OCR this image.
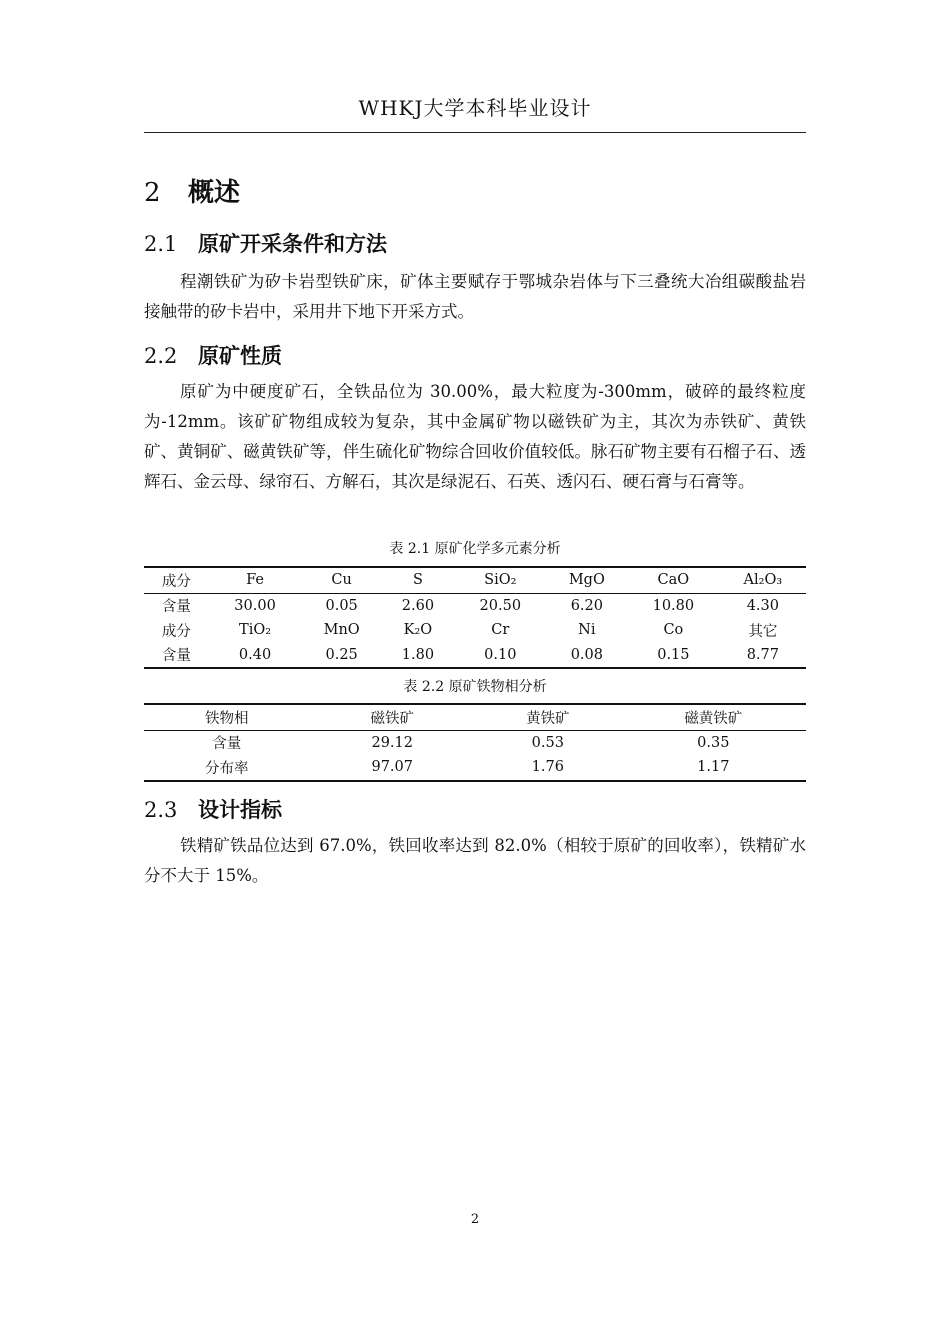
WHKJ大学本科毕业设计
2 概述
2.1 原矿开采条件和方法
程潮铁矿为矽卡岩型铁矿床，矿体主要赋存于鄂城杂岩体与下三叠统大冶组碳酸盐岩接触带的矽卡岩中，采用井下地下开采方式。
2.2 原矿性质
原矿为中硬度矿石，全铁品位为 30.00%，最大粒度为-300mm，破碎的最终粒度为-12mm。该矿矿物组成较为复杂，其中金属矿物以磁铁矿为主，其次为赤铁矿、黄铁矿、黄铜矿、磁黄铁矿等，伴生硫化矿物综合回收价值较低。脉石矿物主要有石榴子石、透辉石、金云母、绿帘石、方解石，其次是绿泥石、石英、透闪石、硬石膏与石膏等。
表 2.1 原矿化学多元素分析
成分	Fe	Cu	S	SiO₂	MgO	CaO	Al₂O₃
含量	30.00	0.05	2.60	20.50	6.20	10.80	4.30
成分	TiO₂	MnO	K₂O	Cr	Ni	Co	其它
含量	0.40	0.25	1.80	0.10	0.08	0.15	8.77
表 2.2 原矿铁物相分析
铁物相	磁铁矿	黄铁矿	磁黄铁矿
含量	29.12	0.53	0.35
分布率	97.07	1.76	1.17
2.3 设计指标
铁精矿铁品位达到 67.0%，铁回收率达到 82.0%（相较于原矿的回收率），铁精矿水分不大于 15%。
2
